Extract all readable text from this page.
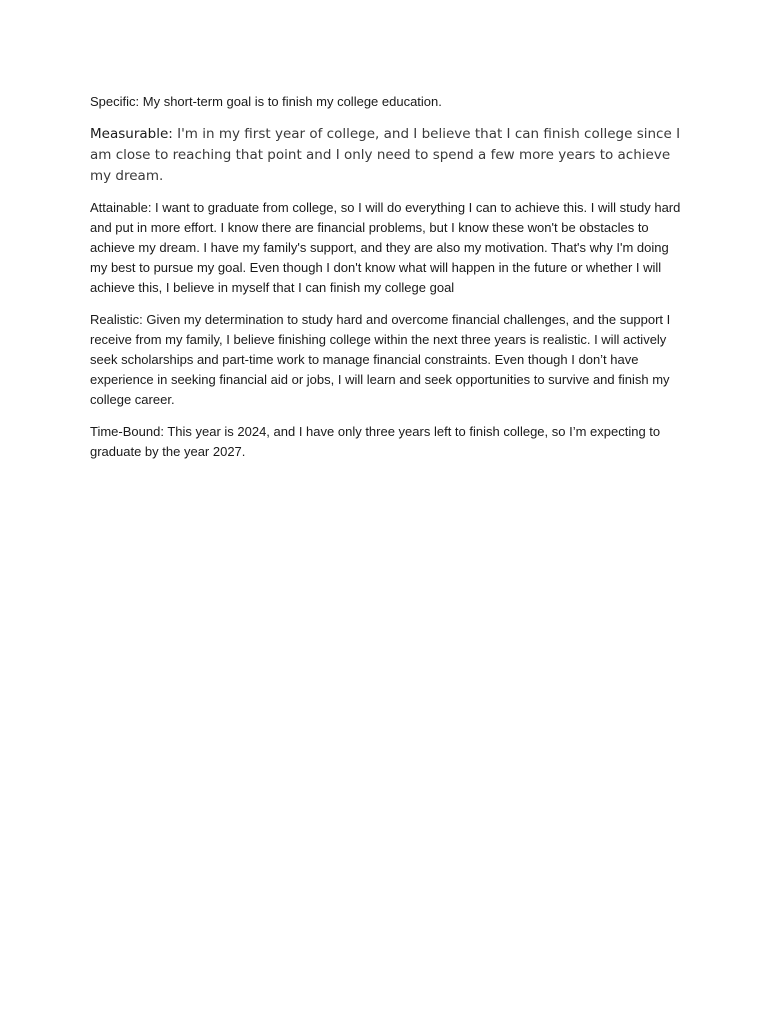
Specific: My short-term goal is to finish my college education.

Measurable: I'm in my first year of college, and I believe that I can finish college since I am close to reaching that point and I only need to spend a few more years to achieve my dream.

Attainable: I want to graduate from college, so I will do everything I can to achieve this. I will study hard and put in more effort. I know there are financial problems, but I know these won't be obstacles to achieve my dream. I have my family's support, and they are also my motivation. That's why I'm doing my best to pursue my goal. Even though I don't know what will happen in the future or whether I will achieve this, I believe in myself that I can finish my college goal

Realistic: Given my determination to study hard and overcome financial challenges, and the support I receive from my family, I believe finishing college within the next three years is realistic. I will actively seek scholarships and part-time work to manage financial constraints. Even though I don’t have experience in seeking financial aid or jobs, I will learn and seek opportunities to survive and finish my college career.

Time-Bound: This year is 2024, and I have only three years left to finish college, so I’m expecting to graduate by the year 2027.
